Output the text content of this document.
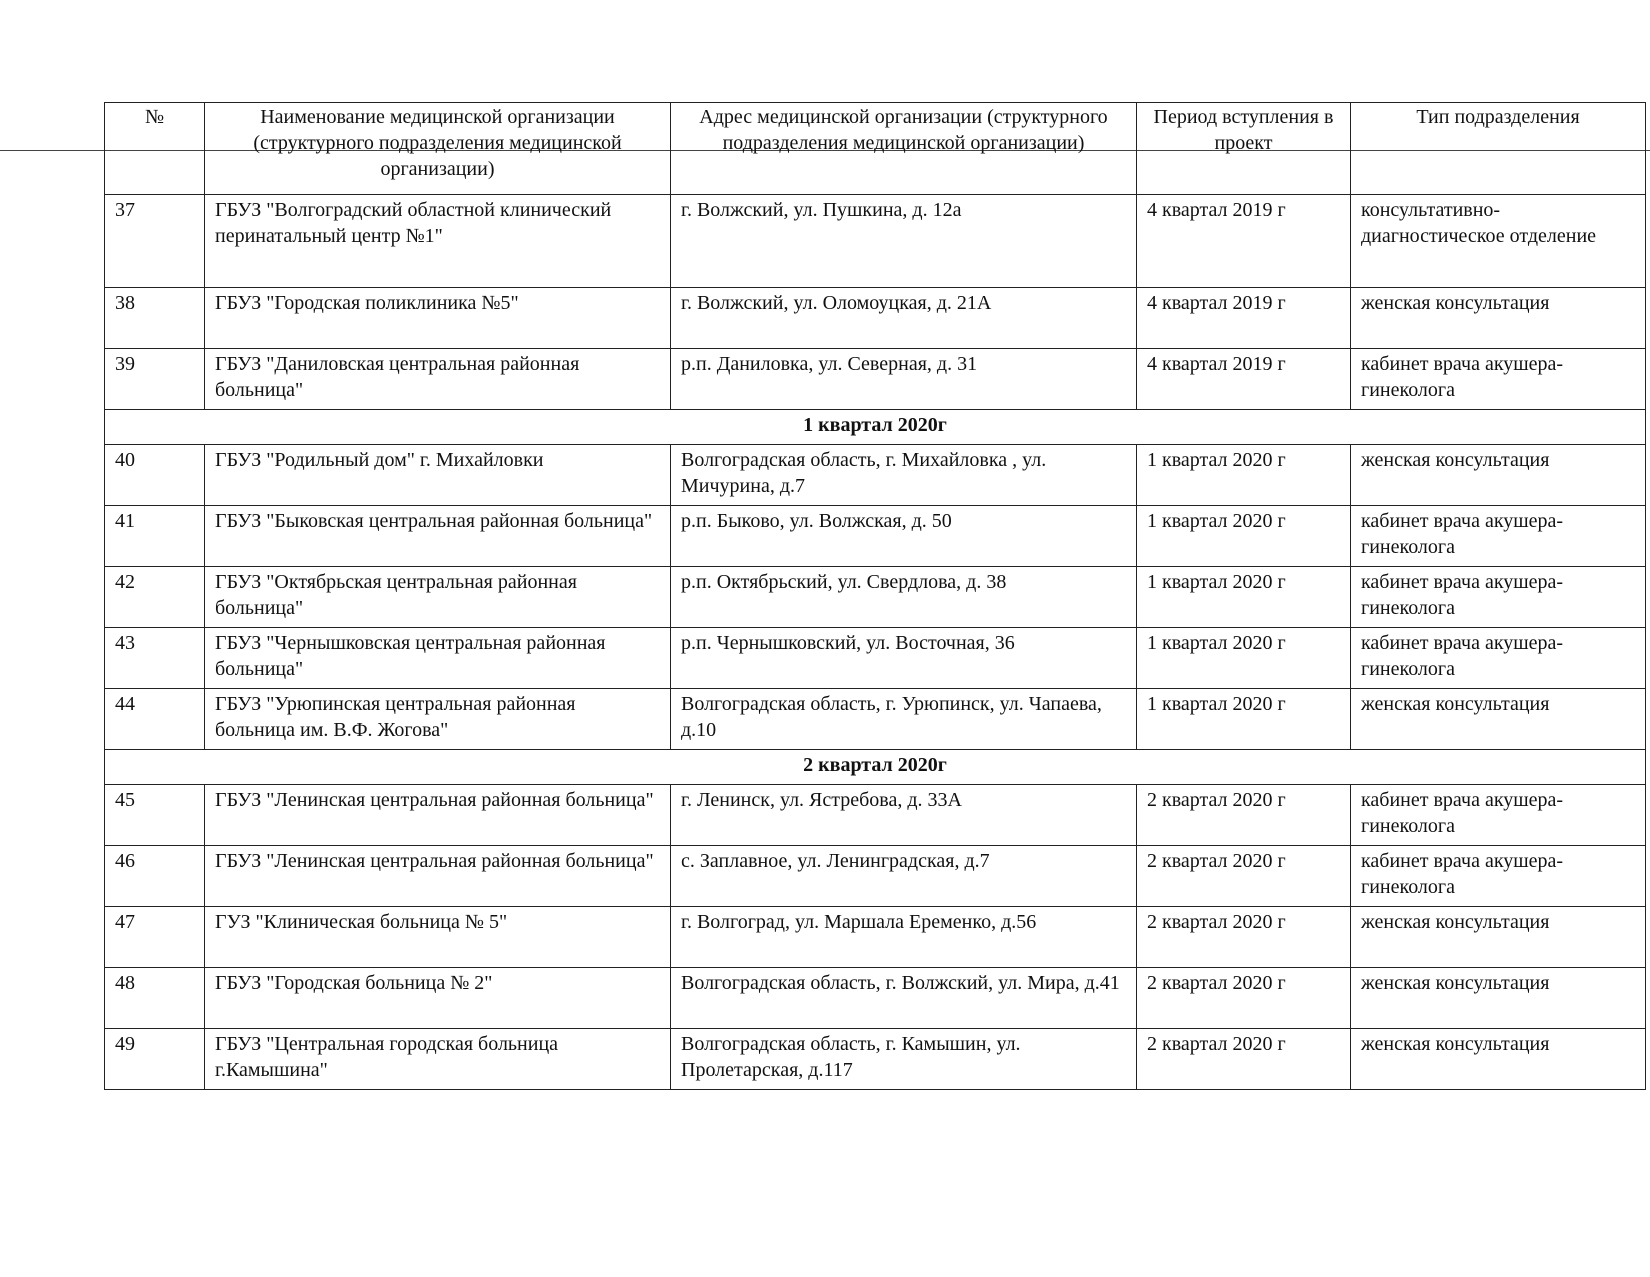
№	Наименование медицинской организации (структурного подразделения медицинской организации)	Адрес медицинской организации (структурного подразделения медицинской организации)	Период вступления в проект	Тип подразделения
37	ГБУЗ "Волгоградский областной клинический перинатальный центр №1"	г. Волжский, ул. Пушкина, д. 12а	4 квартал 2019 г	консультативно-диагностическое отделение
38	ГБУЗ "Городская поликлиника №5"	г. Волжский, ул. Оломоуцкая, д. 21А	4 квартал 2019 г	женская консультация
39	ГБУЗ "Даниловская центральная районная больница"	р.п. Даниловка, ул. Северная, д. 31	4 квартал 2019 г	кабинет врача акушера-гинеколога
1 квартал 2020г				
40	ГБУЗ "Родильный дом" г. Михайловки	Волгоградская область, г. Михайловка , ул. Мичурина, д.7	1 квартал 2020 г	женская консультация
41	ГБУЗ "Быковская центральная районная больница"	р.п. Быково, ул. Волжская, д. 50	1 квартал 2020 г	кабинет врача акушера-гинеколога
42	ГБУЗ "Октябрьская центральная районная больница"	р.п. Октябрьский, ул. Свердлова, д. 38	1 квартал 2020 г	кабинет врача акушера-гинеколога
43	ГБУЗ "Чернышковская центральная районная больница"	р.п. Чернышковский, ул. Восточная, 36	1 квартал 2020 г	кабинет врача акушера-гинеколога
44	ГБУЗ "Урюпинская центральная районная больница им. В.Ф. Жогова"	Волгоградская область, г. Урюпинск, ул. Чапаева, д.10	1 квартал 2020 г	женская консультация
2 квартал 2020г				
45	ГБУЗ "Ленинская центральная районная больница"	г. Ленинск, ул. Ястребова, д. 33А	2 квартал 2020 г	кабинет врача акушера-гинеколога
46	ГБУЗ "Ленинская центральная районная больница"	с. Заплавное, ул. Ленинградская, д.7	2 квартал 2020 г	кабинет врача акушера-гинеколога
47	ГУЗ "Клиническая больница № 5"	г. Волгоград, ул. Маршала Еременко, д.56	2 квартал 2020 г	женская консультация
48	ГБУЗ "Городская больница № 2"	Волгоградская область, г. Волжский, ул. Мира, д.41	2 квартал 2020 г	женская консультация
49	ГБУЗ "Центральная городская больница г.Камышина"	Волгоградская область, г. Камышин, ул. Пролетарская, д.117	2 квартал 2020 г	женская консультация
